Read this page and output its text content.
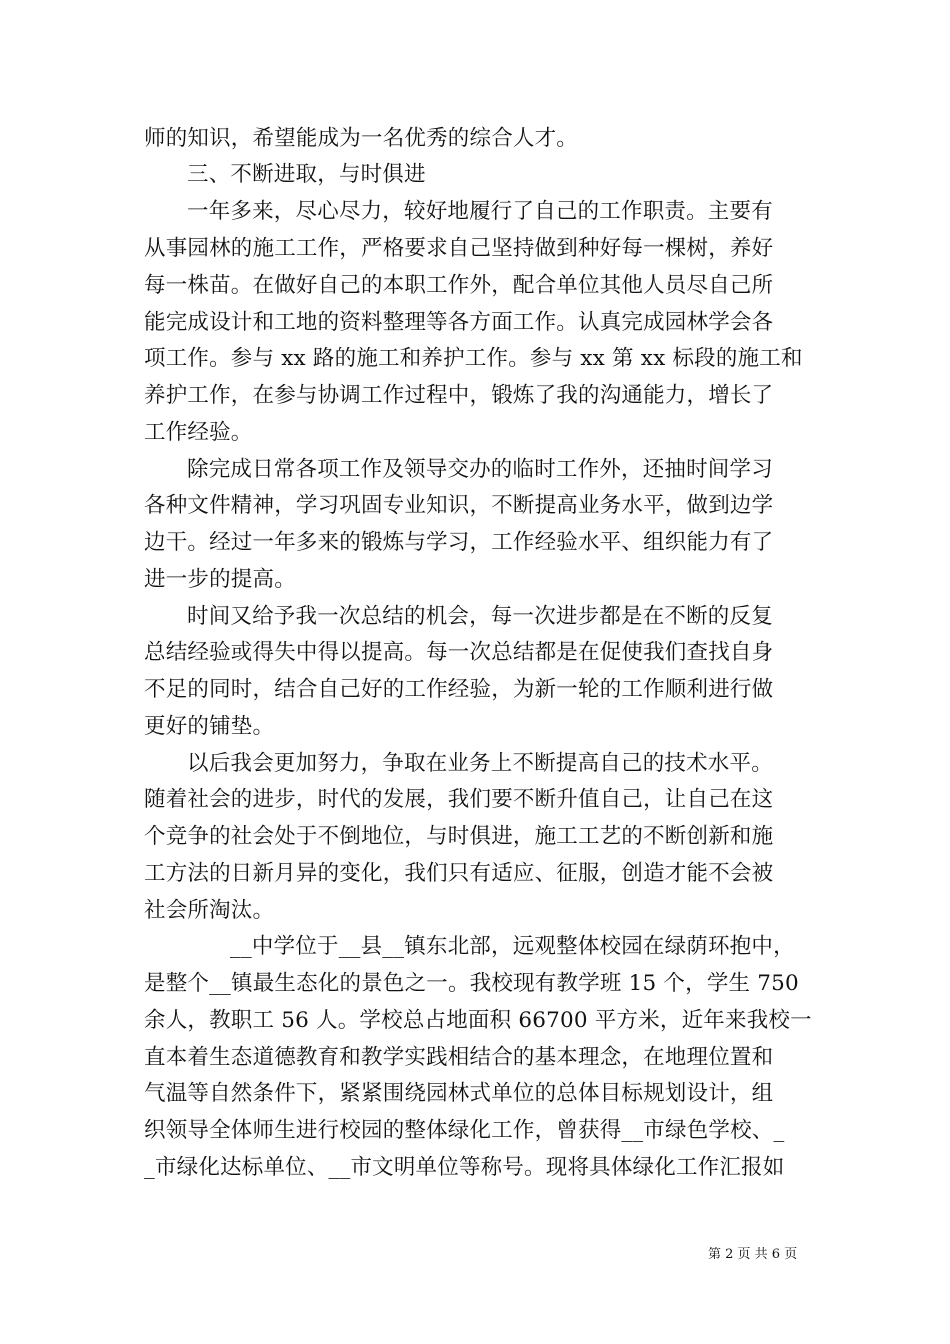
师的知识，希望能成为一名优秀的综合人才。
三、不断进取，与时俱进
一年多来，尽心尽力，较好地履行了自己的工作职责。主要有
从事园林的施工工作，严格要求自己坚持做到种好每一棵树，养好
每一株苗。在做好自己的本职工作外，配合单位其他人员尽自己所
能完成设计和工地的资料整理等各方面工作。认真完成园林学会各
项工作。参与 xx 路的施工和养护工作。参与 xx 第 xx 标段的施工和
养护工作，在参与协调工作过程中，锻炼了我的沟通能力，增长了
工作经验。
除完成日常各项工作及领导交办的临时工作外，还抽时间学习
各种文件精神，学习巩固专业知识，不断提高业务水平，做到边学
边干。经过一年多来的锻炼与学习，工作经验水平、组织能力有了
进一步的提高。
时间又给予我一次总结的机会，每一次进步都是在不断的反复
总结经验或得失中得以提高。每一次总结都是在促使我们查找自身
不足的同时，结合自己好的工作经验，为新一轮的工作顺利进行做
更好的铺垫。
以后我会更加努力，争取在业务上不断提高自己的技术水平。
随着社会的进步，时代的发展，我们要不断升值自己，让自己在这
个竞争的社会处于不倒地位，与时俱进，施工工艺的不断创新和施
工方法的日新月异的变化，我们只有适应、征服，创造才能不会被
社会所淘汰。
__中学位于__县__镇东北部，远观整体校园在绿荫环抱中，
是整个__镇最生态化的景色之一。我校现有教学班 15 个，学生 750
余人，教职工 56 人。学校总占地面积 66700 平方米，近年来我校一
直本着生态道德教育和教学实践相结合的基本理念，在地理位置和
气温等自然条件下，紧紧围绕园林式单位的总体目标规划设计，组
织领导全体师生进行校园的整体绿化工作，曾获得__市绿色学校、_
_市绿化达标单位、__市文明单位等称号。现将具体绿化工作汇报如
第 2 页 共 6 页
